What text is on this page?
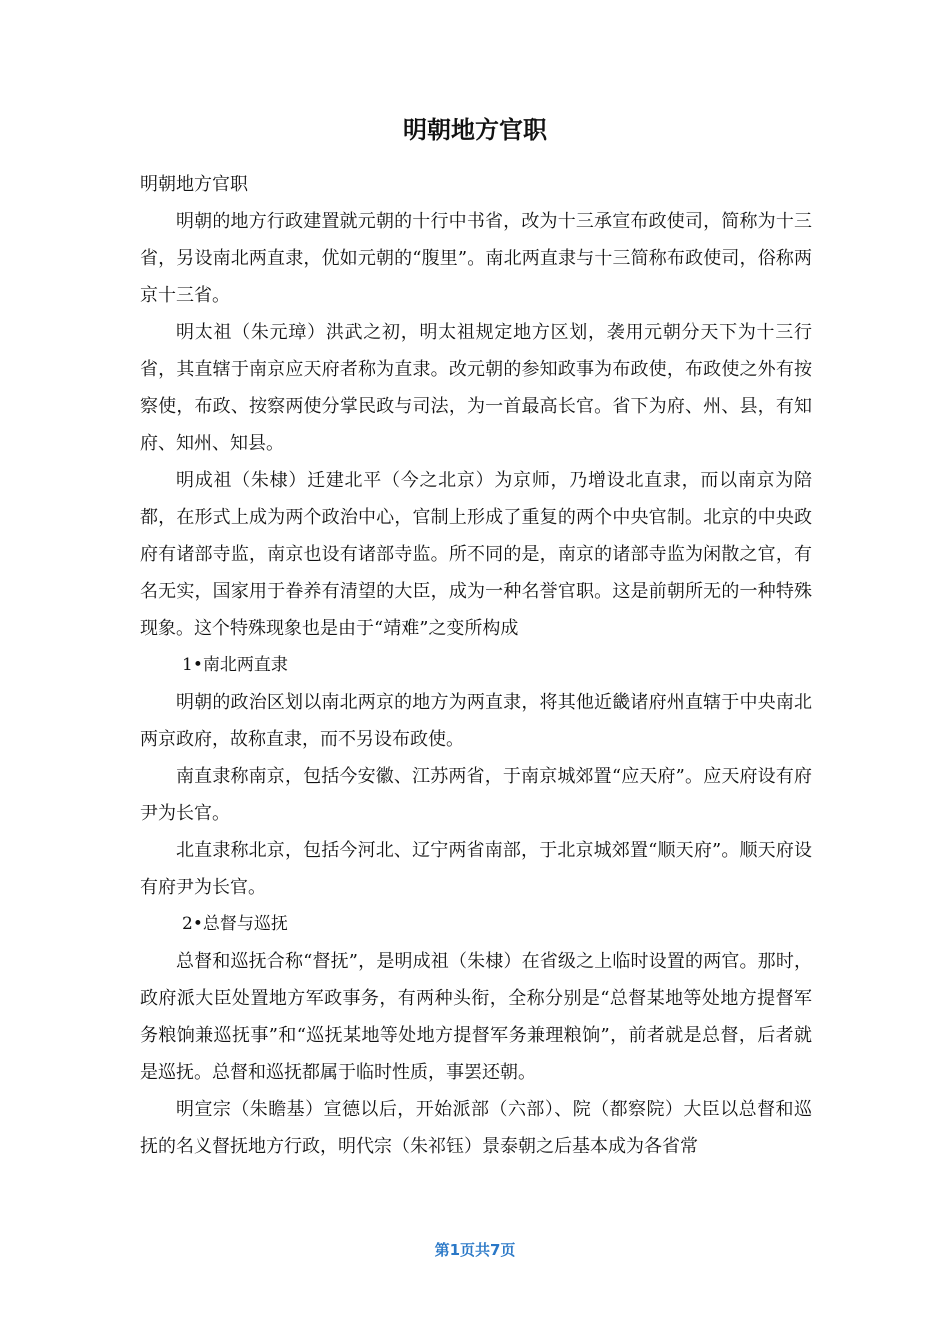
明朝地方官职

明朝地方官职

明朝的地方行政建置就元朝的十行中书省，改为十三承宣布政使司，简称为十三省，另设南北两直隶，优如元朝的“腹里”。南北两直隶与十三简称布政使司，俗称两京十三省。

明太祖（朱元璋）洪武之初，明太祖规定地方区划，袭用元朝分天下为十三行省，其直辖于南京应天府者称为直隶。改元朝的参知政事为布政使，布政使之外有按察使，布政、按察两使分掌民政与司法，为一首最高长官。省下为府、州、县，有知府、知州、知县。

明成祖（朱棣）迁建北平（今之北京）为京师，乃增设北直隶，而以南京为陪都，在形式上成为两个政治中心，官制上形成了重复的两个中央官制。北京的中央政府有诸部寺监，南京也设有诸部寺监。所不同的是，南京的诸部寺监为闲散之官，有名无实，国家用于眷养有清望的大臣，成为一种名誉官职。这是前朝所无的一种特殊现象。这个特殊现象也是由于“靖难”之变所构成

1•南北两直隶

明朝的政治区划以南北两京的地方为两直隶，将其他近畿诸府州直辖于中央南北两京政府，故称直隶，而不另设布政使。

南直隶称南京，包括今安徽、江苏两省，于南京城郊置“应天府”。应天府设有府尹为长官。

北直隶称北京，包括今河北、辽宁两省南部，于北京城郊置“顺天府”。顺天府设有府尹为长官。

2•总督与巡抚

总督和巡抚合称“督抚”，是明成祖（朱棣）在省级之上临时设置的两官。那时，政府派大臣处置地方军政事务，有两种头衔，全称分别是“总督某地等处地方提督军务粮饷兼巡抚事”和“巡抚某地等处地方提督军务兼理粮饷”，前者就是总督，后者就是巡抚。总督和巡抚都属于临时性质，事罢还朝。

明宣宗（朱瞻基）宣德以后，开始派部（六部）、院（都察院）大臣以总督和巡抚的名义督抚地方行政，明代宗（朱祁钰）景泰朝之后基本成为各省常

第1页共7页
